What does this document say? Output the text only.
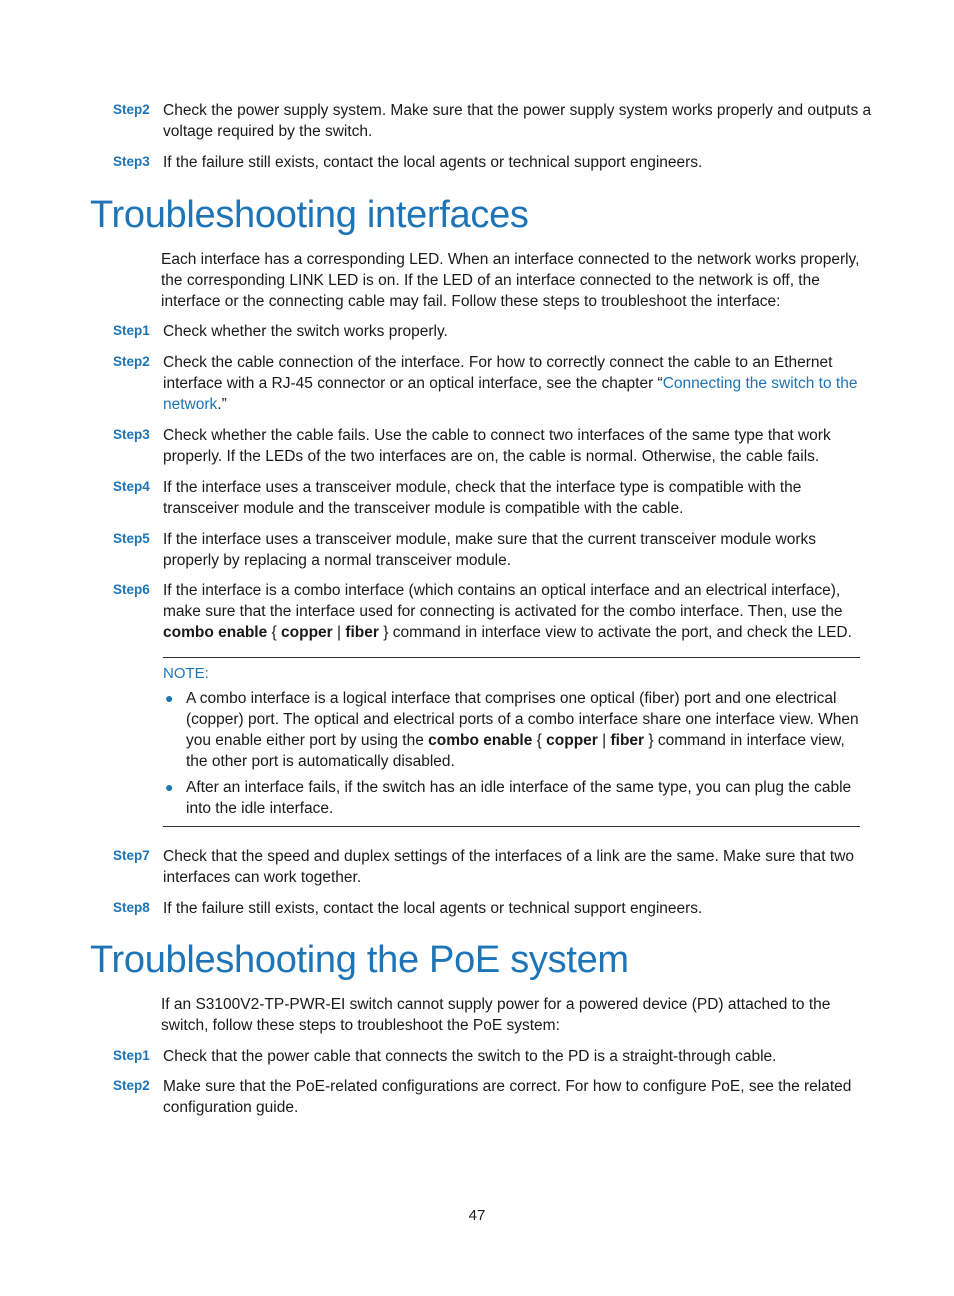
Step2 Check the power supply system. Make sure that the power supply system works properly and outputs a voltage required by the switch.
Step3 If the failure still exists, contact the local agents or technical support engineers.
Troubleshooting interfaces

Each interface has a corresponding LED. When an interface connected to the network works properly, the corresponding LINK LED is on. If the LED of an interface connected to the network is off, the interface or the connecting cable may fail. Follow these steps to troubleshoot the interface:

Step1 Check whether the switch works properly.
Step2 Check the cable connection of the interface. For how to correctly connect the cable to an Ethernet interface with a RJ-45 connector or an optical interface, see the chapter “Connecting the switch to the network.”
Step3 Check whether the cable fails. Use the cable to connect two interfaces of the same type that work properly. If the LEDs of the two interfaces are on, the cable is normal. Otherwise, the cable fails.
Step4 If the interface uses a transceiver module, check that the interface type is compatible with the transceiver module and the transceiver module is compatible with the cable.
Step5 If the interface uses a transceiver module, make sure that the current transceiver module works properly by replacing a normal transceiver module.
Step6 If the interface is a combo interface (which contains an optical interface and an electrical interface), make sure that the interface used for connecting is activated for the combo interface. Then, use the combo enable { copper | fiber } command in interface view to activate the port, and check the LED.
NOTE:
● A combo interface is a logical interface that comprises one optical (fiber) port and one electrical (copper) port. The optical and electrical ports of a combo interface share one interface view. When you enable either port by using the combo enable { copper | fiber } command in interface view, the other port is automatically disabled.
● After an interface fails, if the switch has an idle interface of the same type, you can plug the cable into the idle interface.
Step7 Check that the speed and duplex settings of the interfaces of a link are the same. Make sure that two interfaces can work together.
Step8 If the failure still exists, contact the local agents or technical support engineers.
Troubleshooting the PoE system

If an S3100V2-TP-PWR-EI switch cannot supply power for a powered device (PD) attached to the switch, follow these steps to troubleshoot the PoE system:

Step1 Check that the power cable that connects the switch to the PD is a straight-through cable.
Step2 Make sure that the PoE-related configurations are correct. For how to configure PoE, see the related configuration guide.
47
